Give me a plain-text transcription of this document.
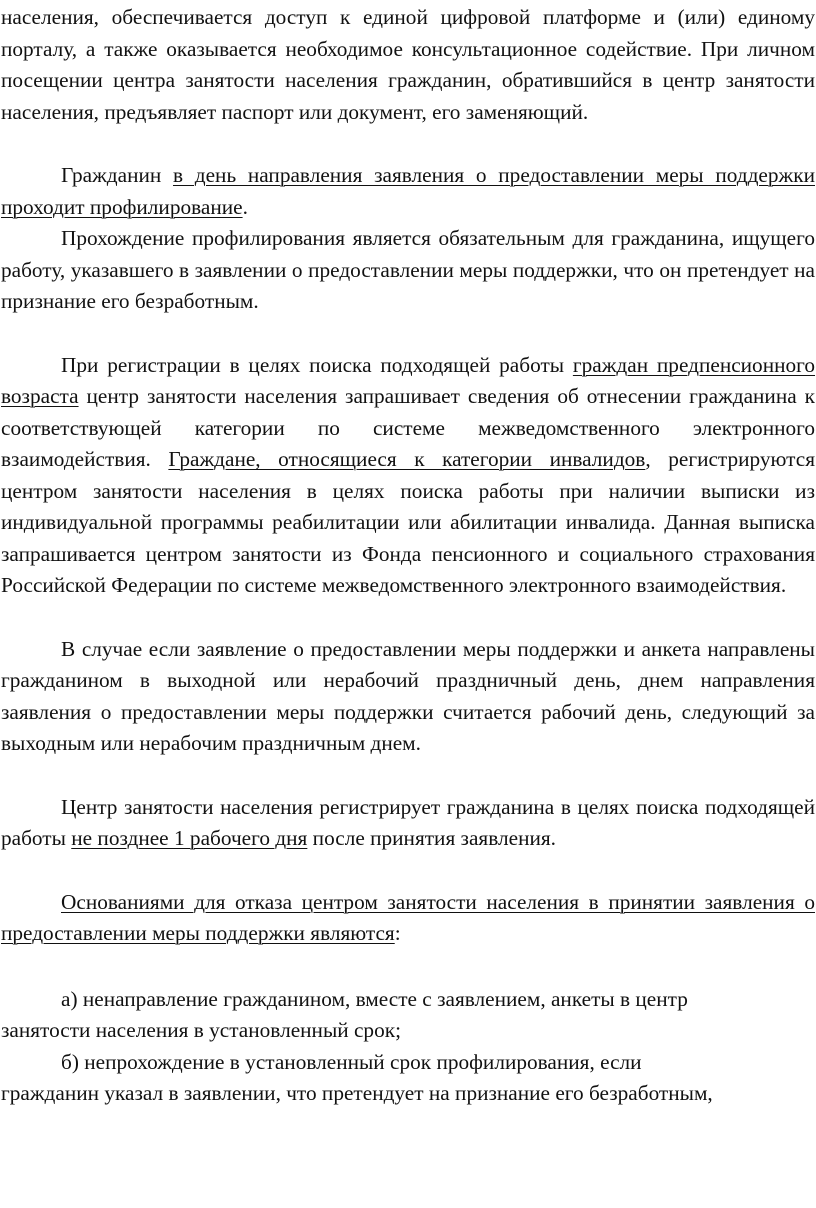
населения, обеспечивается доступ к единой цифровой платформе и (или) единому порталу, а также оказывается необходимое консультационное содействие. При личном посещении центра занятости населения гражданин, обратившийся в центр занятости населения, предъявляет паспорт или документ, его заменяющий.

Гражданин в день направления заявления о предоставлении меры поддержки проходит профилирование.

Прохождение профилирования является обязательным для гражданина, ищущего работу, указавшего в заявлении о предоставлении меры поддержки, что он претендует на признание его безработным.

При регистрации в целях поиска подходящей работы граждан предпенсионного возраста центр занятости населения запрашивает сведения об отнесении гражданина к соответствующей категории по системе межведомственного электронного взаимодействия. Граждане, относящиеся к категории инвалидов, регистрируются центром занятости населения в целях поиска работы при наличии выписки из индивидуальной программы реабилитации или абилитации инвалида. Данная выписка запрашивается центром занятости из Фонда пенсионного и социального страхования Российской Федерации по системе межведомственного электронного взаимодействия.

В случае если заявление о предоставлении меры поддержки и анкета направлены гражданином в выходной или нерабочий праздничный день, днем направления заявления о предоставлении меры поддержки считается рабочий день, следующий за выходным или нерабочим праздничным днем.

Центр занятости населения регистрирует гражданина в целях поиска подходящей работы не позднее 1 рабочего дня после принятия заявления.

Основаниями для отказа центром занятости населения в принятии заявления о предоставлении меры поддержки являются:

а) ненаправление гражданином, вместе с заявлением, анкеты в центр
занятости населения в установленный срок;
б) непрохождение в установленный срок профилирования, если
гражданин указал в заявлении, что претендует на признание его безработным,
